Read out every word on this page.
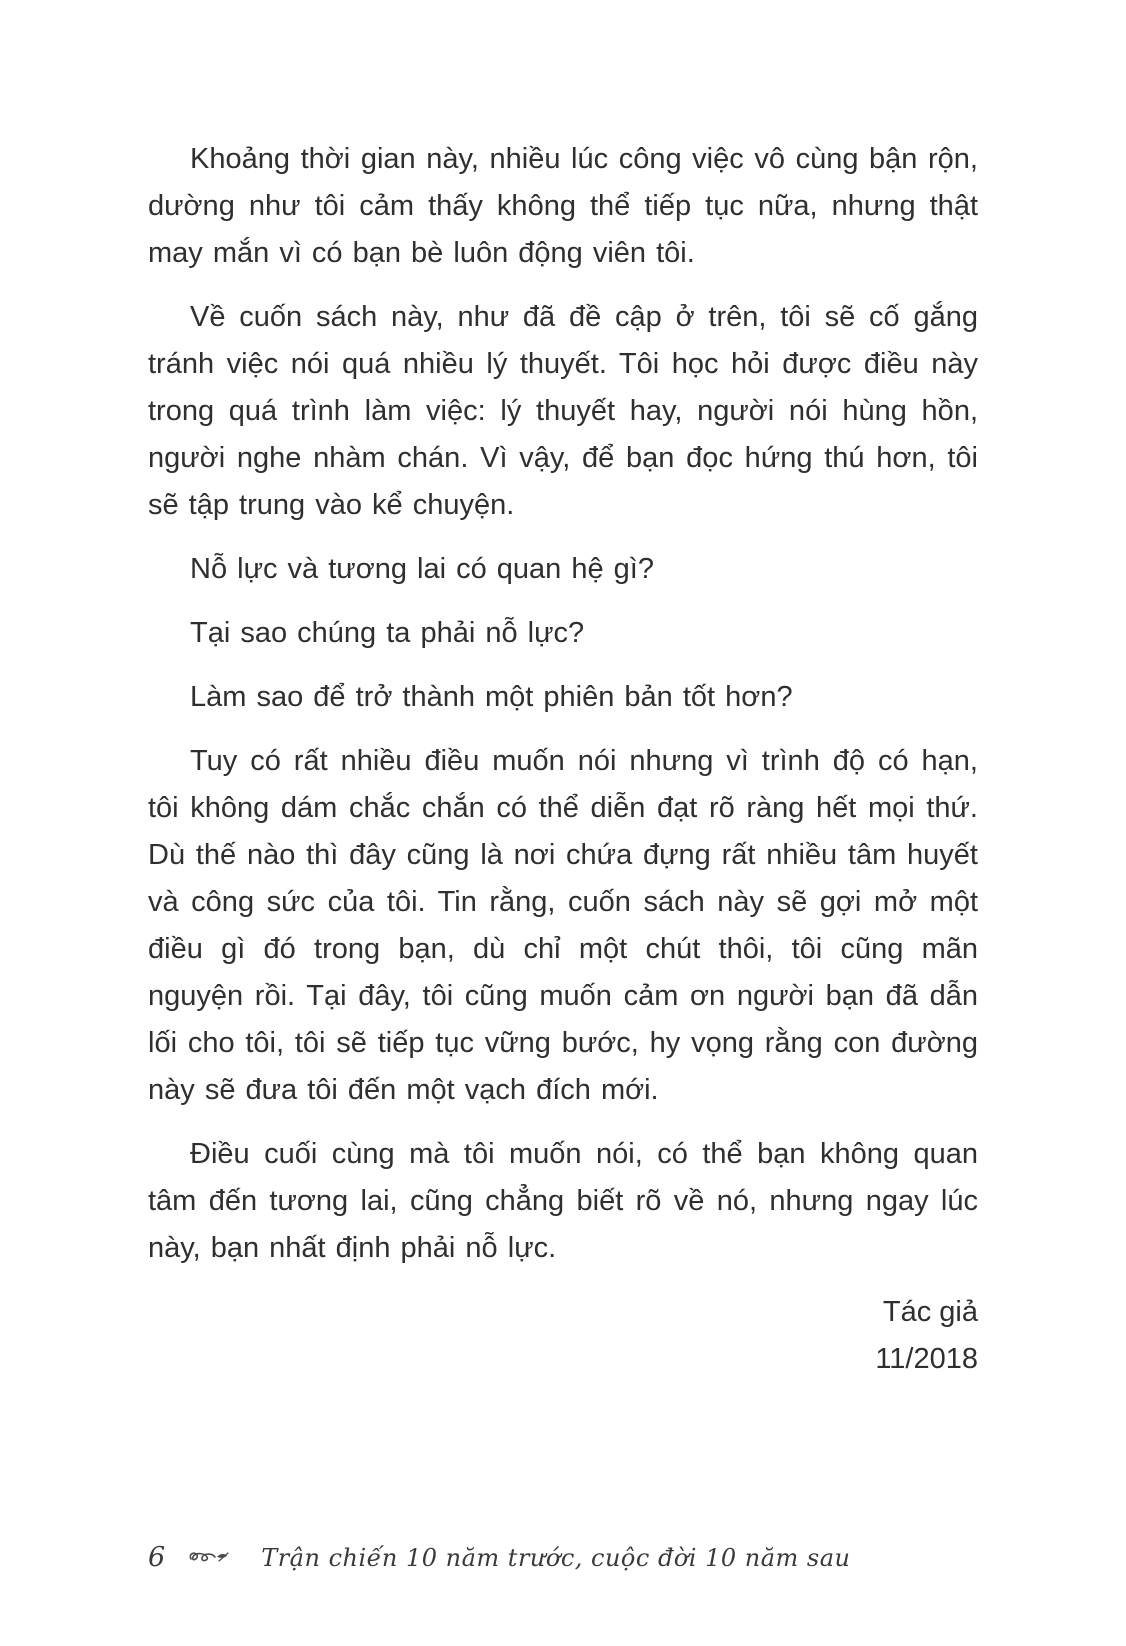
Khoảng thời gian này, nhiều lúc công việc vô cùng bận rộn, dường như tôi cảm thấy không thể tiếp tục nữa, nhưng thật may mắn vì có bạn bè luôn động viên tôi.

Về cuốn sách này, như đã đề cập ở trên, tôi sẽ cố gắng tránh việc nói quá nhiều lý thuyết. Tôi học hỏi được điều này trong quá trình làm việc: lý thuyết hay, người nói hùng hồn, người nghe nhàm chán. Vì vậy, để bạn đọc hứng thú hơn, tôi sẽ tập trung vào kể chuyện.

Nỗ lực và tương lai có quan hệ gì?

Tại sao chúng ta phải nỗ lực?

Làm sao để trở thành một phiên bản tốt hơn?

Tuy có rất nhiều điều muốn nói nhưng vì trình độ có hạn, tôi không dám chắc chắn có thể diễn đạt rõ ràng hết mọi thứ. Dù thế nào thì đây cũng là nơi chứa đựng rất nhiều tâm huyết và công sức của tôi. Tin rằng, cuốn sách này sẽ gợi mở một điều gì đó trong bạn, dù chỉ một chút thôi, tôi cũng mãn nguyện rồi. Tại đây, tôi cũng muốn cảm ơn người bạn đã dẫn lối cho tôi, tôi sẽ tiếp tục vững bước, hy vọng rằng con đường này sẽ đưa tôi đến một vạch đích mới.

Điều cuối cùng mà tôi muốn nói, có thể bạn không quan tâm đến tương lai, cũng chẳng biết rõ về nó, nhưng ngay lúc này, bạn nhất định phải nỗ lực.

Tác giả
11/2018
6	Trận chiến 10 năm trước, cuộc đời 10 năm sau
